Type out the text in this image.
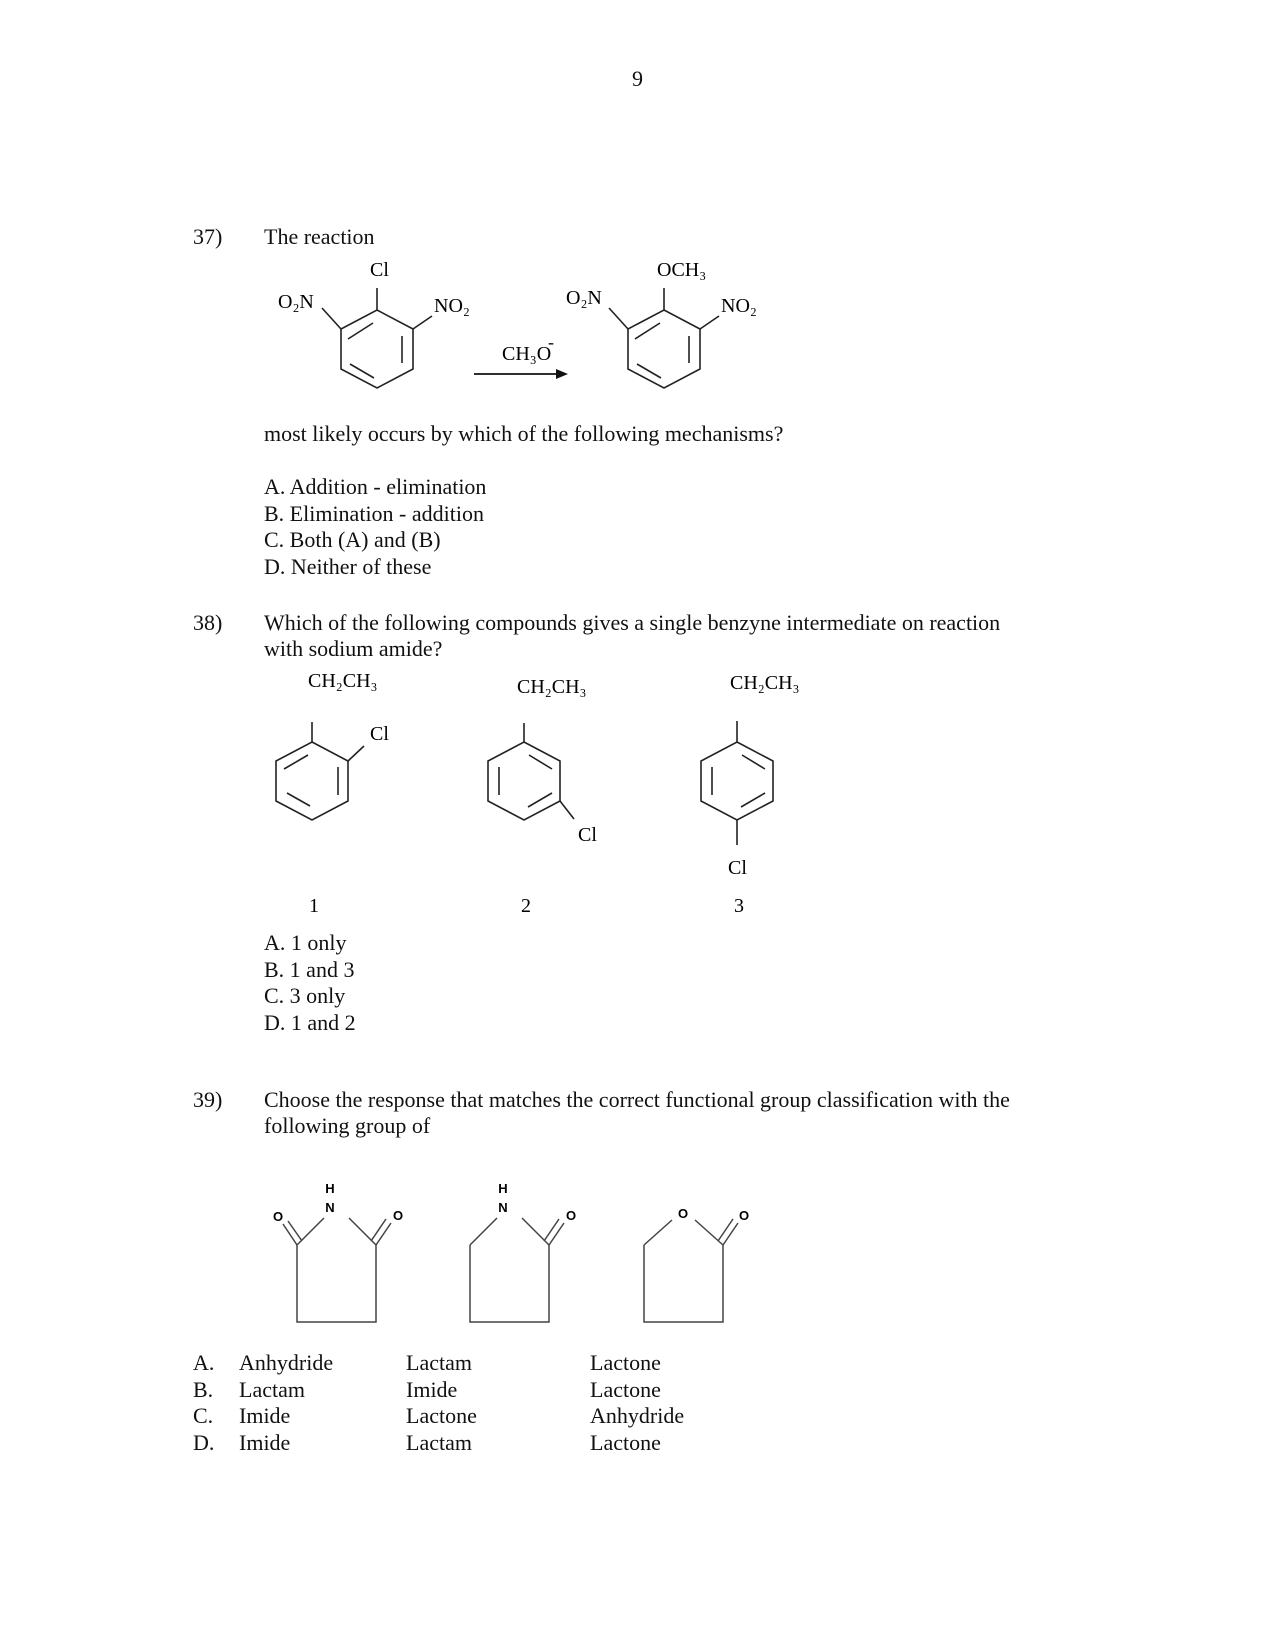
9
37) The reaction
Cl
O₂N	NO₂
CH₃O
-
OCH₃
O₂N	NO₂
most likely occurs by which of the following mechanisms?
A. Addition - elimination
B. Elimination - addition
C. Both (A) and (B)
D. Neither of these
38) Which of the following compounds gives a single benzyne intermediate on reaction
with sodium amide?
CH₂CH₃
Cl
1
CH₂CH₃
Cl
2
CH₂CH₃
Cl
3
A. 1 only
B. 1 and 3
C. 3 only
D. 1 and 2
39) Choose the response that matches the correct functional group classification with the
following group of
H
N
O	O
H
N
O	O	O
A.	Anhydride	Lactam	Lactone
B.	Lactam	Imide	Lactone
C.	Imide	Lactone	Anhydride
D.	Imide	Lactam	Lactone
